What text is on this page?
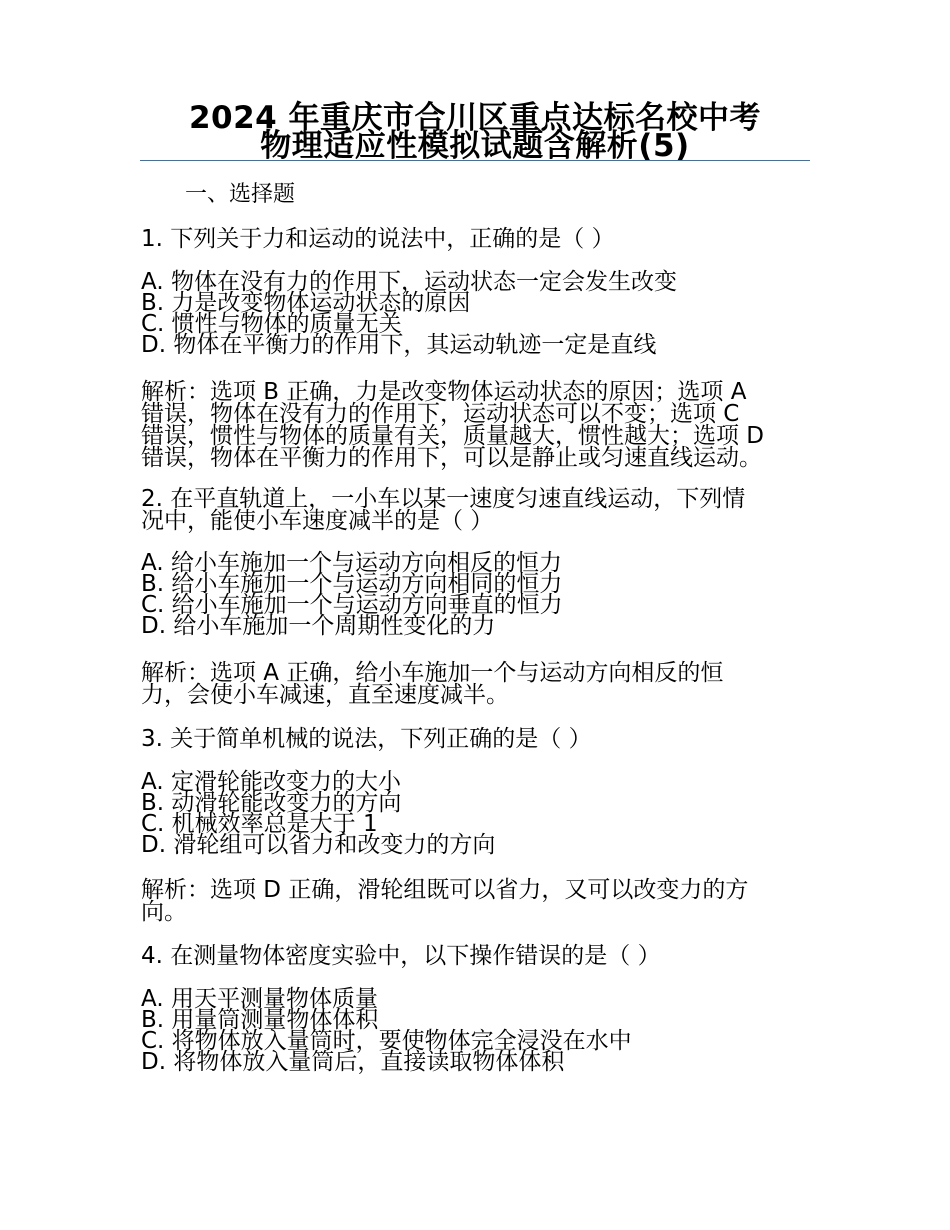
2024 年重庆市合川区重点达标名校中考
物理适应性模拟试题含解析(5)
一、选择题
1. 下列关于力和运动的说法中，正确的是（ ）
A. 物体在没有力的作用下，运动状态一定会发生改变
B. 力是改变物体运动状态的原因
C. 惯性与物体的质量无关
D. 物体在平衡力的作用下，其运动轨迹一定是直线
解析：选项 B 正确，力是改变物体运动状态的原因；选项 A
错误，物体在没有力的作用下，运动状态可以不变；选项 C
错误，惯性与物体的质量有关，质量越大，惯性越大；选项 D
错误，物体在平衡力的作用下，可以是静止或匀速直线运动。
2. 在平直轨道上，一小车以某一速度匀速直线运动，下列情
况中，能使小车速度减半的是（ ）
A. 给小车施加一个与运动方向相反的恒力
B. 给小车施加一个与运动方向相同的恒力
C. 给小车施加一个与运动方向垂直的恒力
D. 给小车施加一个周期性变化的力
解析：选项 A 正确，给小车施加一个与运动方向相反的恒
力，会使小车减速，直至速度减半。
3. 关于简单机械的说法，下列正确的是（ ）
A. 定滑轮能改变力的大小
B. 动滑轮能改变力的方向
C. 机械效率总是大于 1
D. 滑轮组可以省力和改变力的方向
解析：选项 D 正确，滑轮组既可以省力，又可以改变力的方
向。
4. 在测量物体密度实验中，以下操作错误的是（ ）
A. 用天平测量物体质量
B. 用量筒测量物体体积
C. 将物体放入量筒时，要使物体完全浸没在水中
D. 将物体放入量筒后，直接读取物体体积
